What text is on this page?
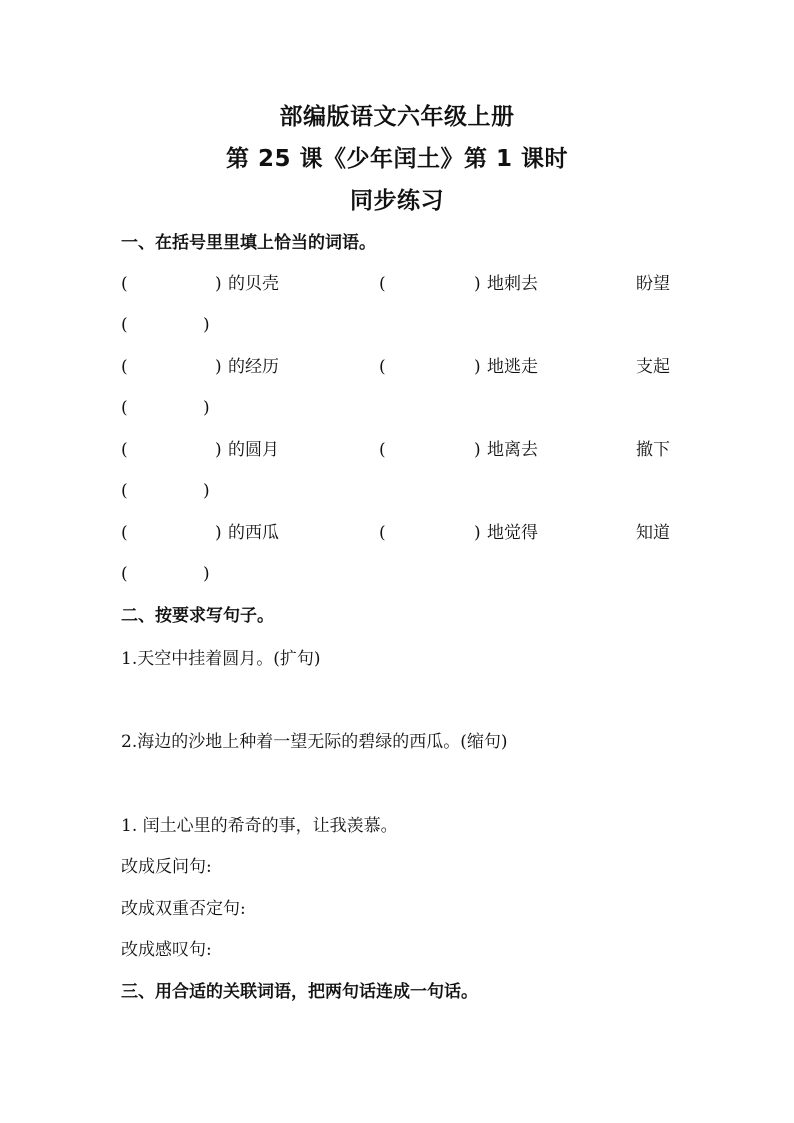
部编版语文六年级上册
第 25 课《少年闰土》第 1 课时
同步练习
一、在括号里里填上恰当的词语。
(	) 的贝壳	(	) 地刺去	盼望
(	)
(	) 的经历	(	) 地逃走	支起
(	)
(	) 的圆月	(	) 地离去	撤下
(	)
(	) 的西瓜	(	) 地觉得	知道
(	)
二、按要求写句子。
1.天空中挂着圆月。(扩句)
2.海边的沙地上种着一望无际的碧绿的西瓜。(缩句)
1. 闰土心里的希奇的事，让我羡慕。
改成反问句:
改成双重否定句:
改成感叹句:
三、用合适的关联词语，把两句话连成一句话。
